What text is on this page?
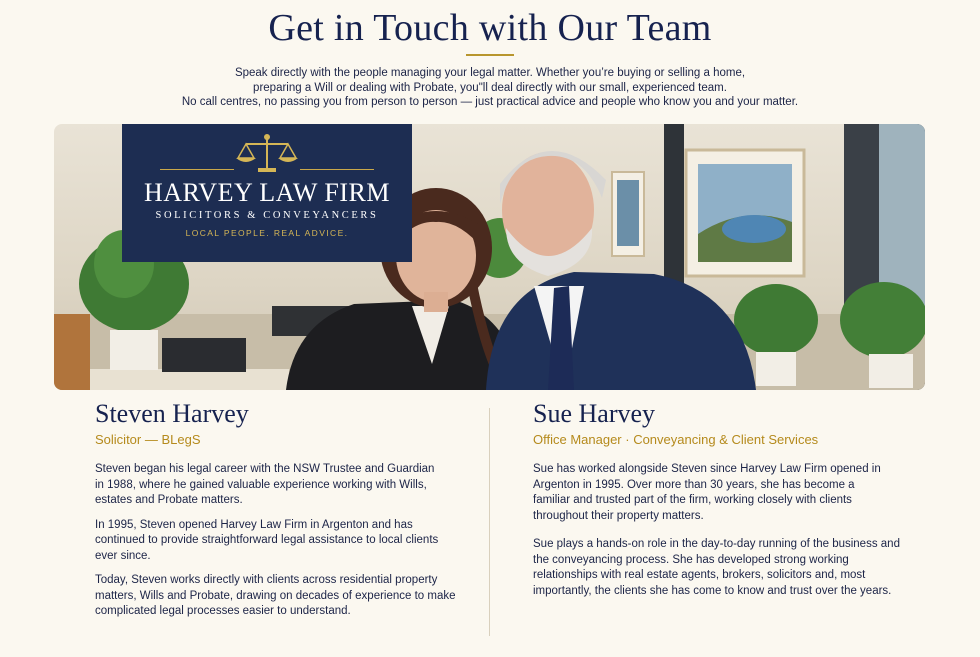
Get in Touch with Our Team
Speak directly with the people managing your legal matter. Whether you’re buying or selling a home,
preparing a Will or dealing with Probate, you"ll deal directly with our small, experienced team.
No call centres, no passing you from person to person — just practical advice and people who know you and your matter.
HARVEY LAW FIRM
SOLICITORS & CONVEYANCERS
LOCAL PEOPLE. REAL ADVICE.
Steven Harvey
Solicitor — BLegS
Steven began his legal career with the NSW Trustee and Guardian in 1988, where he gained valuable experience working with Wills, estates and Probate matters.
In 1995, Steven opened Harvey Law Firm in Argenton and has continued to provide straightforward legal assistance to local clients ever since.
Today, Steven works directly with clients across residential property matters, Wills and Probate, drawing on decades of experience to make complicated legal processes easier to understand.
Sue Harvey
Office Manager · Conveyancing & Client Services
Sue has worked alongside Steven since Harvey Law Firm opened in Argenton in 1995. Over more than 30 years, she has become a familiar and trusted part of the firm, working closely with clients throughout their property matters.
Sue plays a hands-on role in the day-to-day running of the business and the conveyancing process. She has developed strong working relationships with real estate agents, brokers, solicitors and, most importantly, the clients she has come to know and trust over the years.
